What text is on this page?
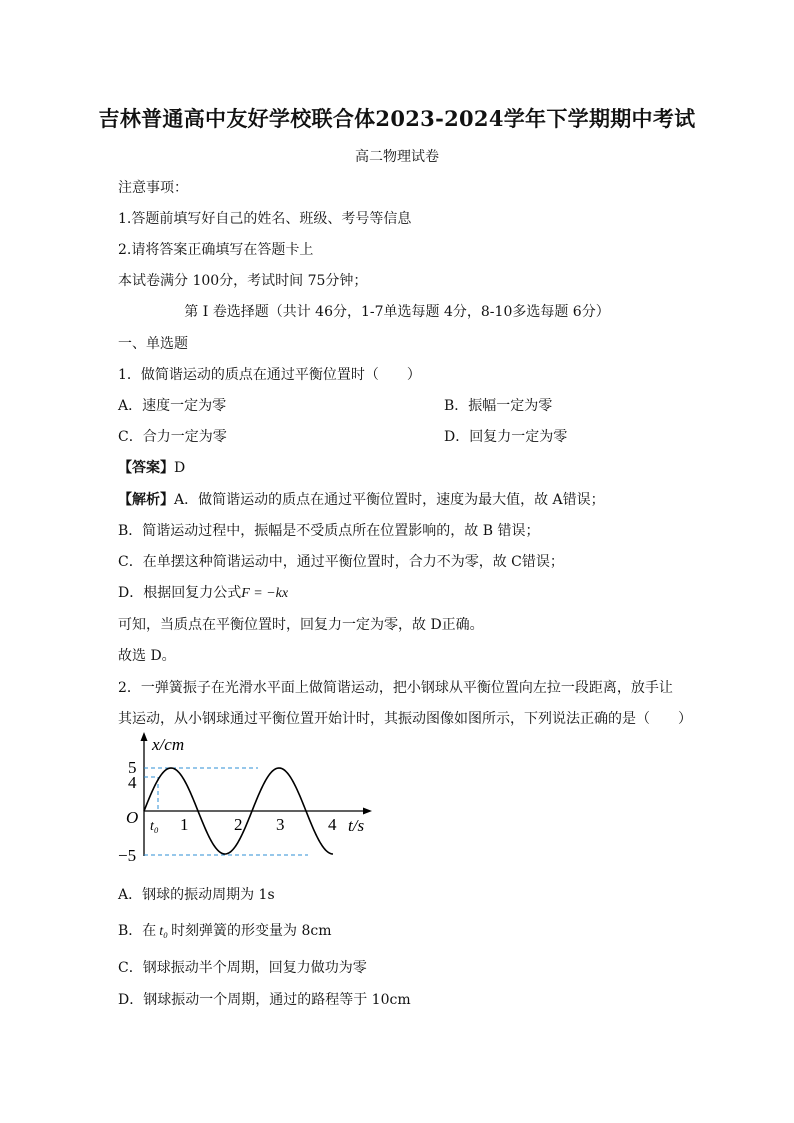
吉林普通高中友好学校联合体2023-2024学年下学期期中考试
高二物理试卷
注意事项：
1.答题前填写好自己的姓名、班级、考号等信息
2.请将答案正确填写在答题卡上
本试卷满分 100分，考试时间 75分钟；
第 I 卷选择题（共计 46分，1-7单选每题 4分，8-10多选每题 6分）
一、单选题
1．做简谐运动的质点在通过平衡位置时（　　）
A．速度一定为零	B．振幅一定为零
C．合力一定为零	D．回复力一定为零
【答案】D
【解析】A．做简谐运动的质点在通过平衡位置时，速度为最大值，故 A错误；
B．简谐运动过程中，振幅是不受质点所在位置影响的，故 B 错误；
C．在单摆这种简谐运动中，通过平衡位置时，合力不为零，故 C错误；
D．根据回复力公式F = −kx
可知，当质点在平衡位置时，回复力一定为零，故 D正确。
故选 D。
2．一弹簧振子在光滑水平面上做简谐运动，把小钢球从平衡位置向左拉一段距离，放手让
其运动，从小钢球通过平衡位置开始计时，其振动图像如图所示，下列说法正确的是（　　）
x/cm
t/s
O
5
4
−5
t₀ 1	2 3	4
A．钢球的振动周期为 1s
B．在 t₀ 时刻弹簧的形变量为 8cm
C．钢球振动半个周期，回复力做功为零
D．钢球振动一个周期，通过的路程等于 10cm
